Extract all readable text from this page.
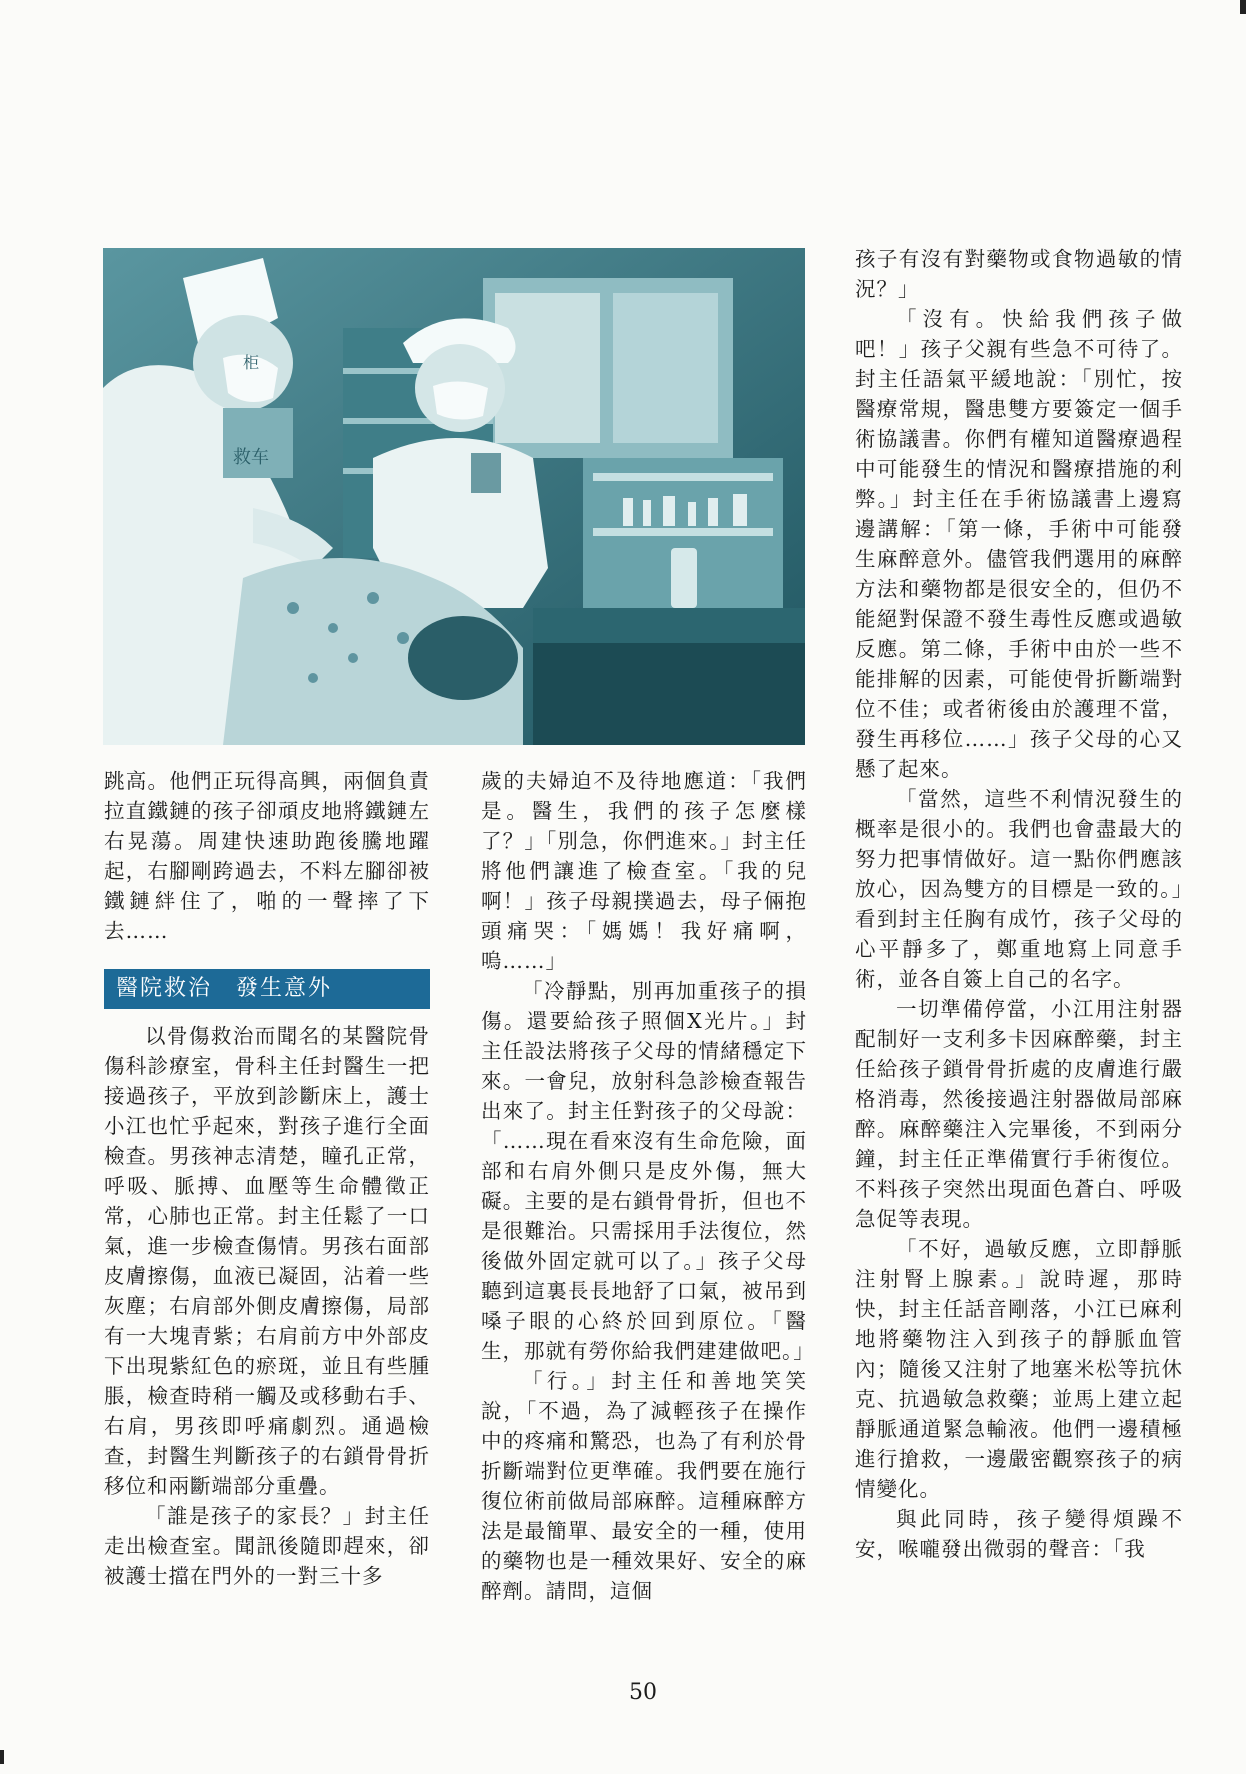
救车
柜

跳高。他們正玩得高興，兩個負責拉直鐵鏈的孩子卻頑皮地將鐵鏈左右晃蕩。周建快速助跑後騰地躍起，右腳剛跨過去，不料左腳卻被鐵鏈絆住了，啪的一聲摔了下去……

醫院救治　發生意外

以骨傷救治而聞名的某醫院骨傷科診療室，骨科主任封醫生一把接過孩子，平放到診斷床上，護士小江也忙乎起來，對孩子進行全面檢查。男孩神志清楚，瞳孔正常，呼吸、脈搏、血壓等生命體徵正常，心肺也正常。封主任鬆了一口氣，進一步檢查傷情。男孩右面部皮膚擦傷，血液已凝固，沾着一些灰塵；右肩部外側皮膚擦傷，局部有一大塊青紫；右肩前方中外部皮下出現紫紅色的瘀斑，並且有些腫脹，檢查時稍一觸及或移動右手、右肩，男孩即呼痛劇烈。通過檢查，封醫生判斷孩子的右鎖骨骨折移位和兩斷端部分重疊。

「誰是孩子的家長？」封主任走出檢查室。聞訊後隨即趕來，卻被護士擋在門外的一對三十多

歲的夫婦迫不及待地應道：「我們是。醫生，我們的孩子怎麼樣了？」「別急，你們進來。」封主任將他們讓進了檢查室。「我的兒啊！」孩子母親撲過去，母子倆抱頭痛哭：「媽媽！我好痛啊，嗚……」

「冷靜點，別再加重孩子的損傷。還要給孩子照個X光片。」封主任設法將孩子父母的情緒穩定下來。一會兒，放射科急診檢查報告出來了。封主任對孩子的父母說：「……現在看來沒有生命危險，面部和右肩外側只是皮外傷，無大礙。主要的是右鎖骨骨折，但也不是很難治。只需採用手法復位，然後做外固定就可以了。」孩子父母聽到這裏長長地舒了口氣，被吊到嗓子眼的心終於回到原位。「醫生，那就有勞你給我們建建做吧。」

「行。」封主任和善地笑笑說，「不過，為了減輕孩子在操作中的疼痛和驚恐，也為了有利於骨折斷端對位更準確。我們要在施行復位術前做局部麻醉。這種麻醉方法是最簡單、最安全的一種，使用的藥物也是一種效果好、安全的麻醉劑。請問，這個

孩子有沒有對藥物或食物過敏的情況？」

「沒有。快給我們孩子做吧！」孩子父親有些急不可待了。封主任語氣平緩地說：「別忙，按醫療常規，醫患雙方要簽定一個手術協議書。你們有權知道醫療過程中可能發生的情況和醫療措施的利弊。」封主任在手術協議書上邊寫邊講解：「第一條，手術中可能發生麻醉意外。儘管我們選用的麻醉方法和藥物都是很安全的，但仍不能絕對保證不發生毒性反應或過敏反應。第二條，手術中由於一些不能排解的因素，可能使骨折斷端對位不佳；或者術後由於護理不當，發生再移位……」孩子父母的心又懸了起來。

「當然，這些不利情況發生的概率是很小的。我們也會盡最大的努力把事情做好。這一點你們應該放心，因為雙方的目標是一致的。」看到封主任胸有成竹，孩子父母的心平靜多了，鄭重地寫上同意手術，並各自簽上自己的名字。

一切準備停當，小江用注射器配制好一支利多卡因麻醉藥，封主任給孩子鎖骨骨折處的皮膚進行嚴格消毒，然後接過注射器做局部麻醉。麻醉藥注入完畢後，不到兩分鐘，封主任正準備實行手術復位。不料孩子突然出現面色蒼白、呼吸急促等表現。

「不好，過敏反應，立即靜脈注射腎上腺素。」說時遲，那時快，封主任話音剛落，小江已麻利地將藥物注入到孩子的靜脈血管內；隨後又注射了地塞米松等抗休克、抗過敏急救藥；並馬上建立起靜脈通道緊急輸液。他們一邊積極進行搶救，一邊嚴密觀察孩子的病情變化。

與此同時，孩子變得煩躁不安，喉嚨發出微弱的聲音：「我

50
